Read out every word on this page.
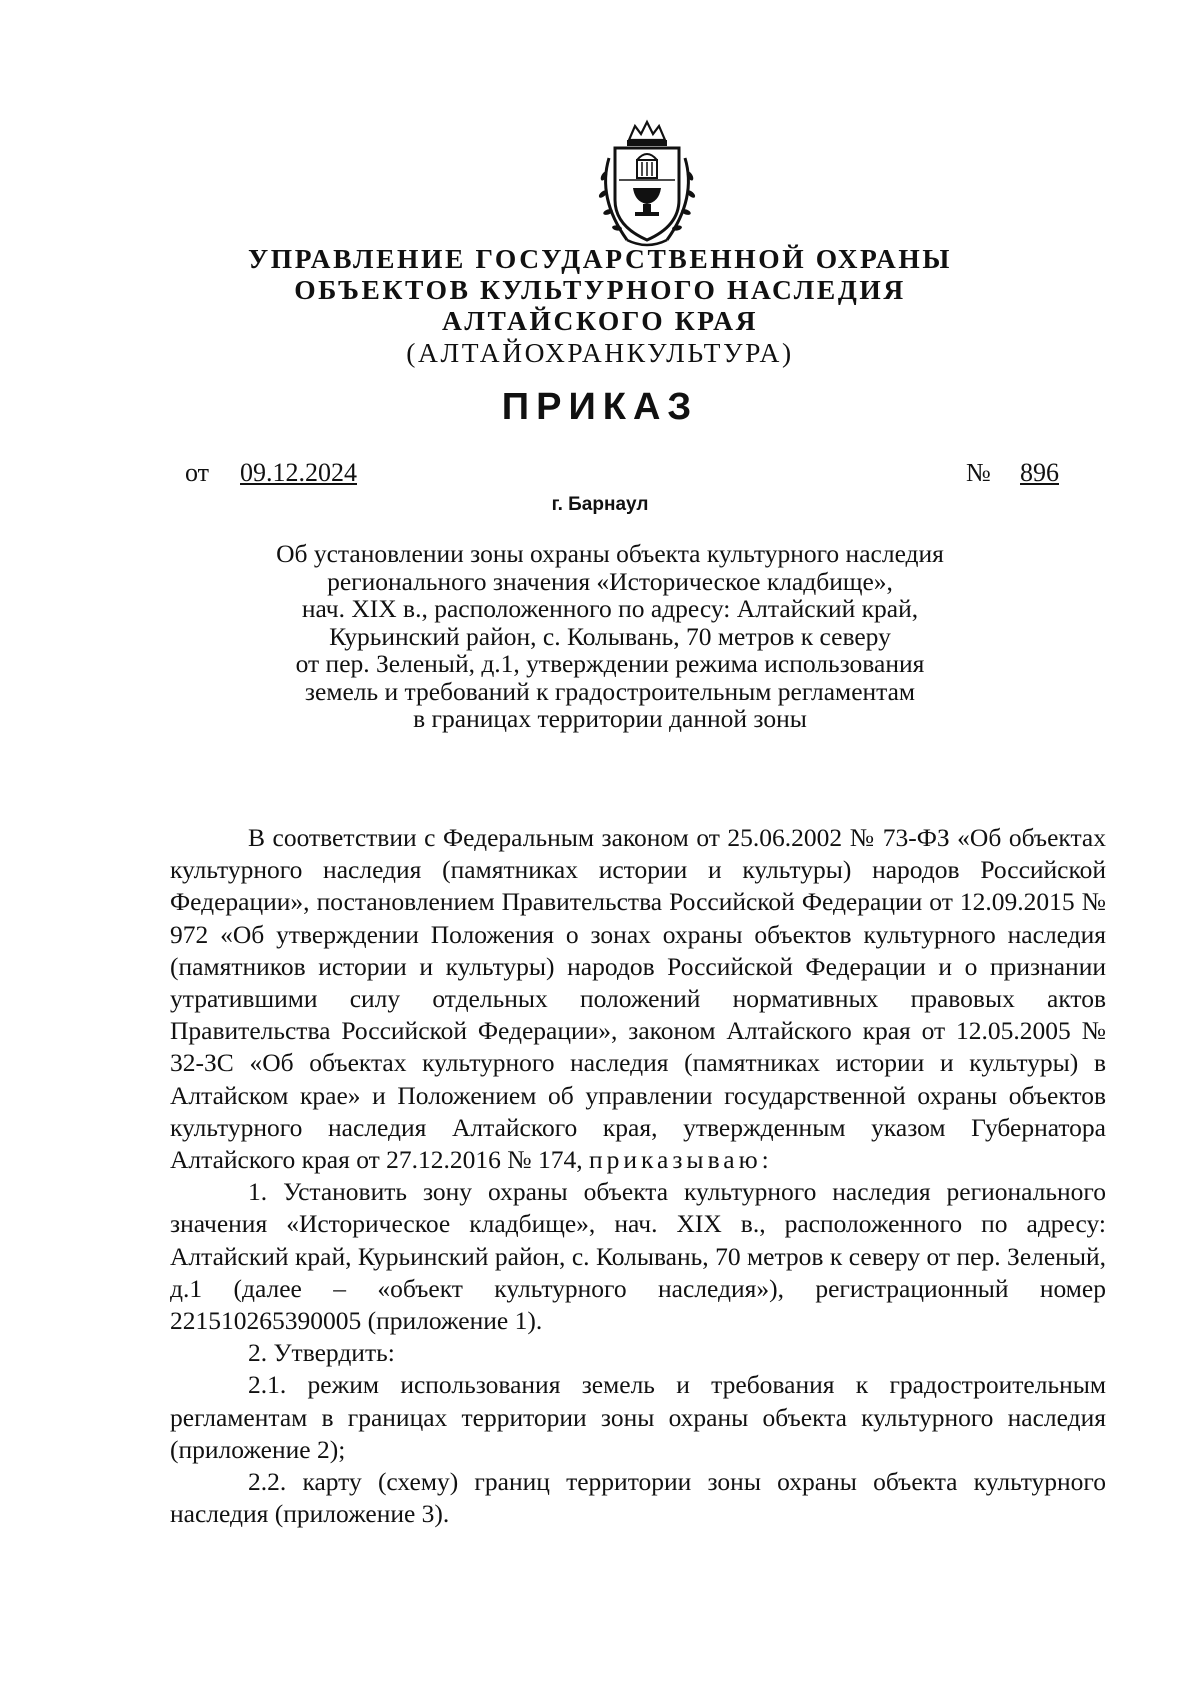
УПРАВЛЕНИЕ ГОСУДАРСТВЕННОЙ ОХРАНЫ
ОБЪЕКТОВ КУЛЬТУРНОГО НАСЛЕДИЯ
АЛТАЙСКОГО КРАЯ
(АЛТАЙОХРАНКУЛЬТУРА)
ПРИКАЗ
от 09.12.2024	№ 896
г. Барнаул
Об установлении зоны охраны объекта культурного наследия
регионального значения «Историческое кладбище»,
нач. XIX в., расположенного по адресу: Алтайский край,
Курьинский район, с. Колывань, 70 метров к северу
от пер. Зеленый, д.1, утверждении режима использования
земель и требований к градостроительным регламентам
в границах территории данной зоны

В соответствии с Федеральным законом от 25.06.2002 № 73-ФЗ «Об объектах культурного наследия (памятниках истории и культуры) народов Российской Федерации», постановлением Правительства Российской Федерации от 12.09.2015 № 972 «Об утверждении Положения о зонах охраны объектов культурного наследия (памятников истории и культуры) народов Российской Федерации и о признании утратившими силу отдельных положений нормативных правовых актов Правительства Российской Федерации», законом Алтайского края от 12.05.2005 № 32-ЗС «Об объектах культурного наследия (памятниках истории и культуры) в Алтайском крае» и Положением об управлении государственной охраны объектов культурного наследия Алтайского края, утвержденным указом Губернатора Алтайского края от 27.12.2016 № 174, приказываю:

1. Установить зону охраны объекта культурного наследия регионального значения «Историческое кладбище», нач. XIX в., расположенного по адресу: Алтайский край, Курьинский район, с. Колывань, 70 метров к северу от пер. Зеленый, д.1 (далее – «объект культурного наследия»), регистрационный номер 221510265390005 (приложение 1).

2. Утвердить:

2.1. режим использования земель и требования к градостроительным регламентам в границах территории зоны охраны объекта культурного наследия (приложение 2);

2.2. карту (схему) границ территории зоны охраны объекта культурного наследия (приложение 3).
